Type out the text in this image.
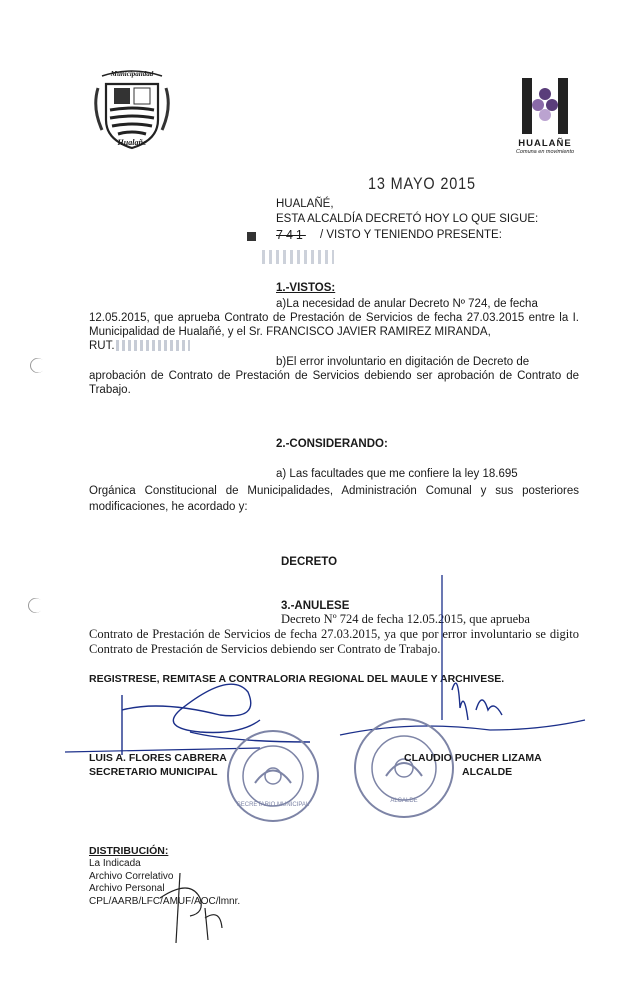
Municipalidad
Hualañe	HUALAÑE
Comuna en movimiento
13 MAYO 2015
HUALAÑÉ,
ESTA ALCALDÍA DECRETÓ HOY LO QUE SIGUE:
741 / VISTO Y TENIENDO PRESENTE:
1.-VISTOS:
a)La necesidad de anular Decreto Nº 724, de fecha
12.05.2015, que aprueba Contrato de Prestación de Servicios de fecha 27.03.2015 entre la I. Municipalidad de Hualañé, y el Sr. FRANCISCO JAVIER RAMIREZ MIRANDA,
RUT.
b)El error involuntario en digitación de Decreto de
aprobación de Contrato de Prestación de Servicios debiendo ser aprobación de Contrato de Trabajo.
2.-CONSIDERANDO:
a) Las facultades que me confiere la ley 18.695
Orgánica Constitucional de Municipalidades, Administración Comunal y sus posteriores modificaciones, he acordado y:
DECRETO
3.-ANULESE
Decreto Nº 724 de fecha 12.05.2015, que aprueba
Contrato de Prestación de Servicios de fecha 27.03.2015, ya que por error involuntario se digito Contrato de Prestación de Servicios debiendo ser Contrato de Trabajo.
REGISTRESE, REMITASE A CONTRALORIA REGIONAL DEL MAULE Y ARCHIVESE.
SECRETARIO MUNICIPAL
ALCALDE
LUIS A. FLORES CABRERA
SECRETARIO MUNICIPAL
CLAUDIO PUCHER LIZAMA
ALCALDE
DISTRIBUCIÓN:
La Indicada
Archivo Correlativo
Archivo Personal
CPL/AARB/LFC/AMUF/AOC/lmnr.
